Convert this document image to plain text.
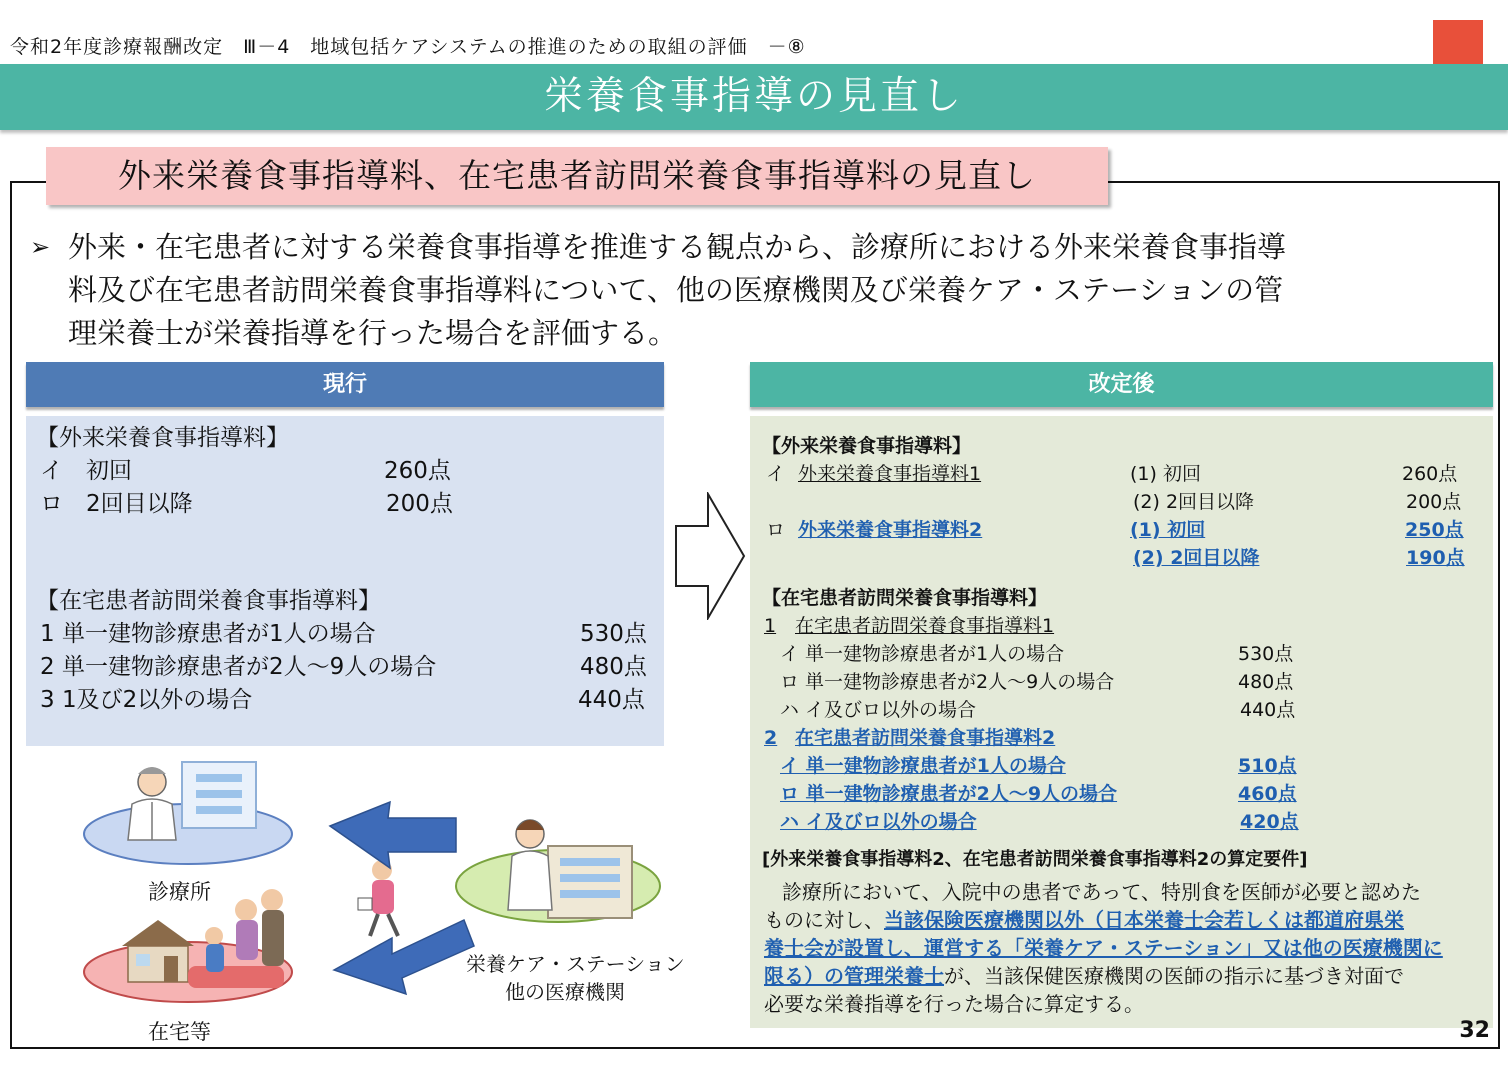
令和2年度診療報酬改定　Ⅲ－4　地域包括ケアシステムの推進のための取組の評価　－⑧
栄養食事指導の見直し
外来栄養食事指導料、在宅患者訪問栄養食事指導料の見直し
➢ 外来・在宅患者に対する栄養食事指導を推進する観点から、診療所における外来栄養食事指導
料及び在宅患者訪問栄養食事指導料について、他の医療機関及び栄養ケア・ステーションの管
理栄養士が栄養指導を行った場合を評価する。
現行	改定後
【外来栄養食事指導料】
イ　初回	260点
ロ　2回目以降	200点
【在宅患者訪問栄養食事指導料】
1 単一建物診療患者が1人の場合	530点
2 単一建物診療患者が2人～9人の場合	480点
3 1及び2以外の場合	440点
【外来栄養食事指導料】
イ 外来栄養食事指導料1	(1) 初回	260点
(2) 2回目以降	200点
ロ 外来栄養食事指導料2	(1) 初回	250点
(2) 2回目以降	190点
【在宅患者訪問栄養食事指導料】
1 在宅患者訪問栄養食事指導料1
イ 単一建物診療患者が1人の場合	530点
ロ 単一建物診療患者が2人～9人の場合	480点
ハ イ及びロ以外の場合	440点
2 在宅患者訪問栄養食事指導料2
イ 単一建物診療患者が1人の場合	510点
ロ 単一建物診療患者が2人～9人の場合	460点
ハ イ及びロ以外の場合	420点
[外来栄養食事指導料2、在宅患者訪問栄養食事指導料2の算定要件]
診療所において、入院中の患者であって、特別食を医師が必要と認めた
ものに対し、当該保険医療機関以外（日本栄養士会若しくは都道府県栄
養士会が設置し、運営する「栄養ケア・ステーション」又は他の医療機関に
限る）の管理栄養士が、当該保健医療機関の医師の指示に基づき対面で
必要な栄養指導を行った場合に算定する。
診療所
在宅等
栄養ケア・ステーション
他の医療機関
32
